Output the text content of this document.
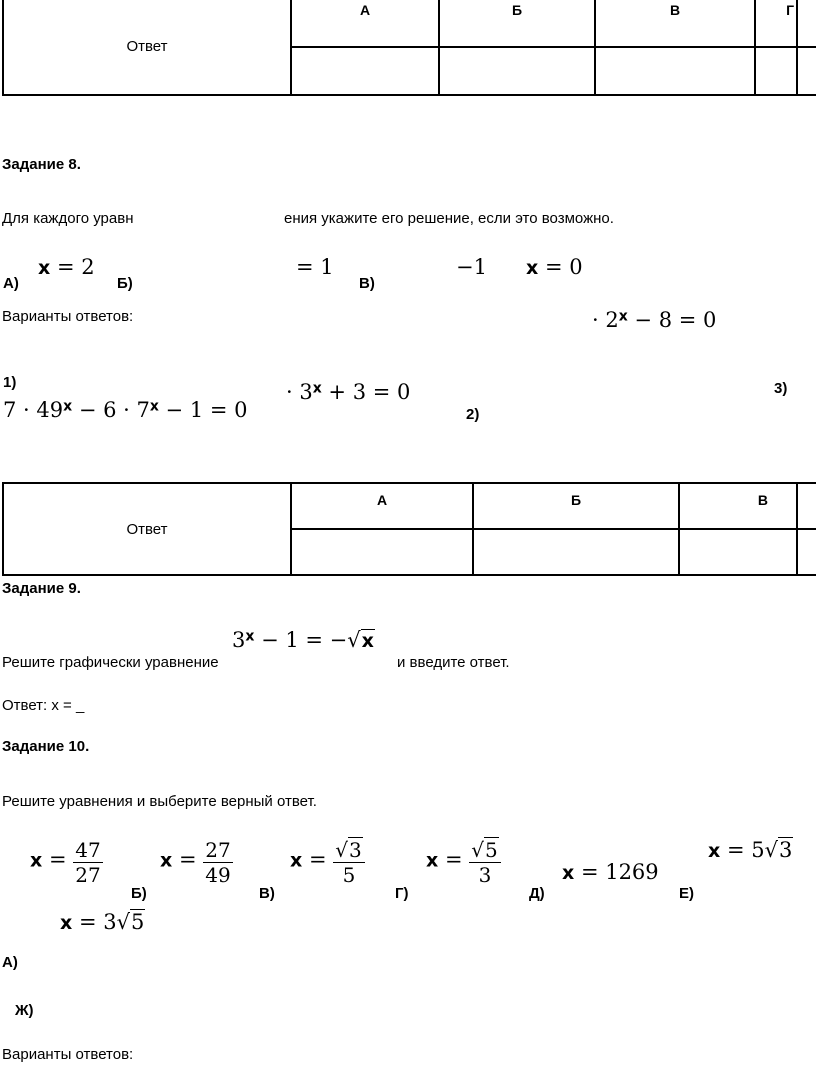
Ответ	А	Б	В	Г	

Задание 8.
Для каждого уравн	ения укажите его решение, если это возможно.
А)
x = 2
Б)
= 1
В)
−1 x = 0
Варианты ответов:	· $2^x - 8 = 0$
1)
$7 \cdot 49^x - 6 \cdot 7^x - 1 = 0$
· $3^x + 3 = 0$
2)
3)
Ответ	А	Б	В	

Задание 9.
Решите графически уравнение
$3^x - 1 = -√x$
и введите ответ.
Ответ: x = _
Задание 10.
Решите уравнения и выберите верный ответ.
$x = \frac{47}{27}$	$x = \frac{27}{49}$	$x = \frac{√3}{5}$	$x = \frac{√5}{3}$	x = 1269
x = 5√3
x = 3√5
А)
Б)	В)	Г)	Д)	Е)
Ж)
Варианты ответов:
